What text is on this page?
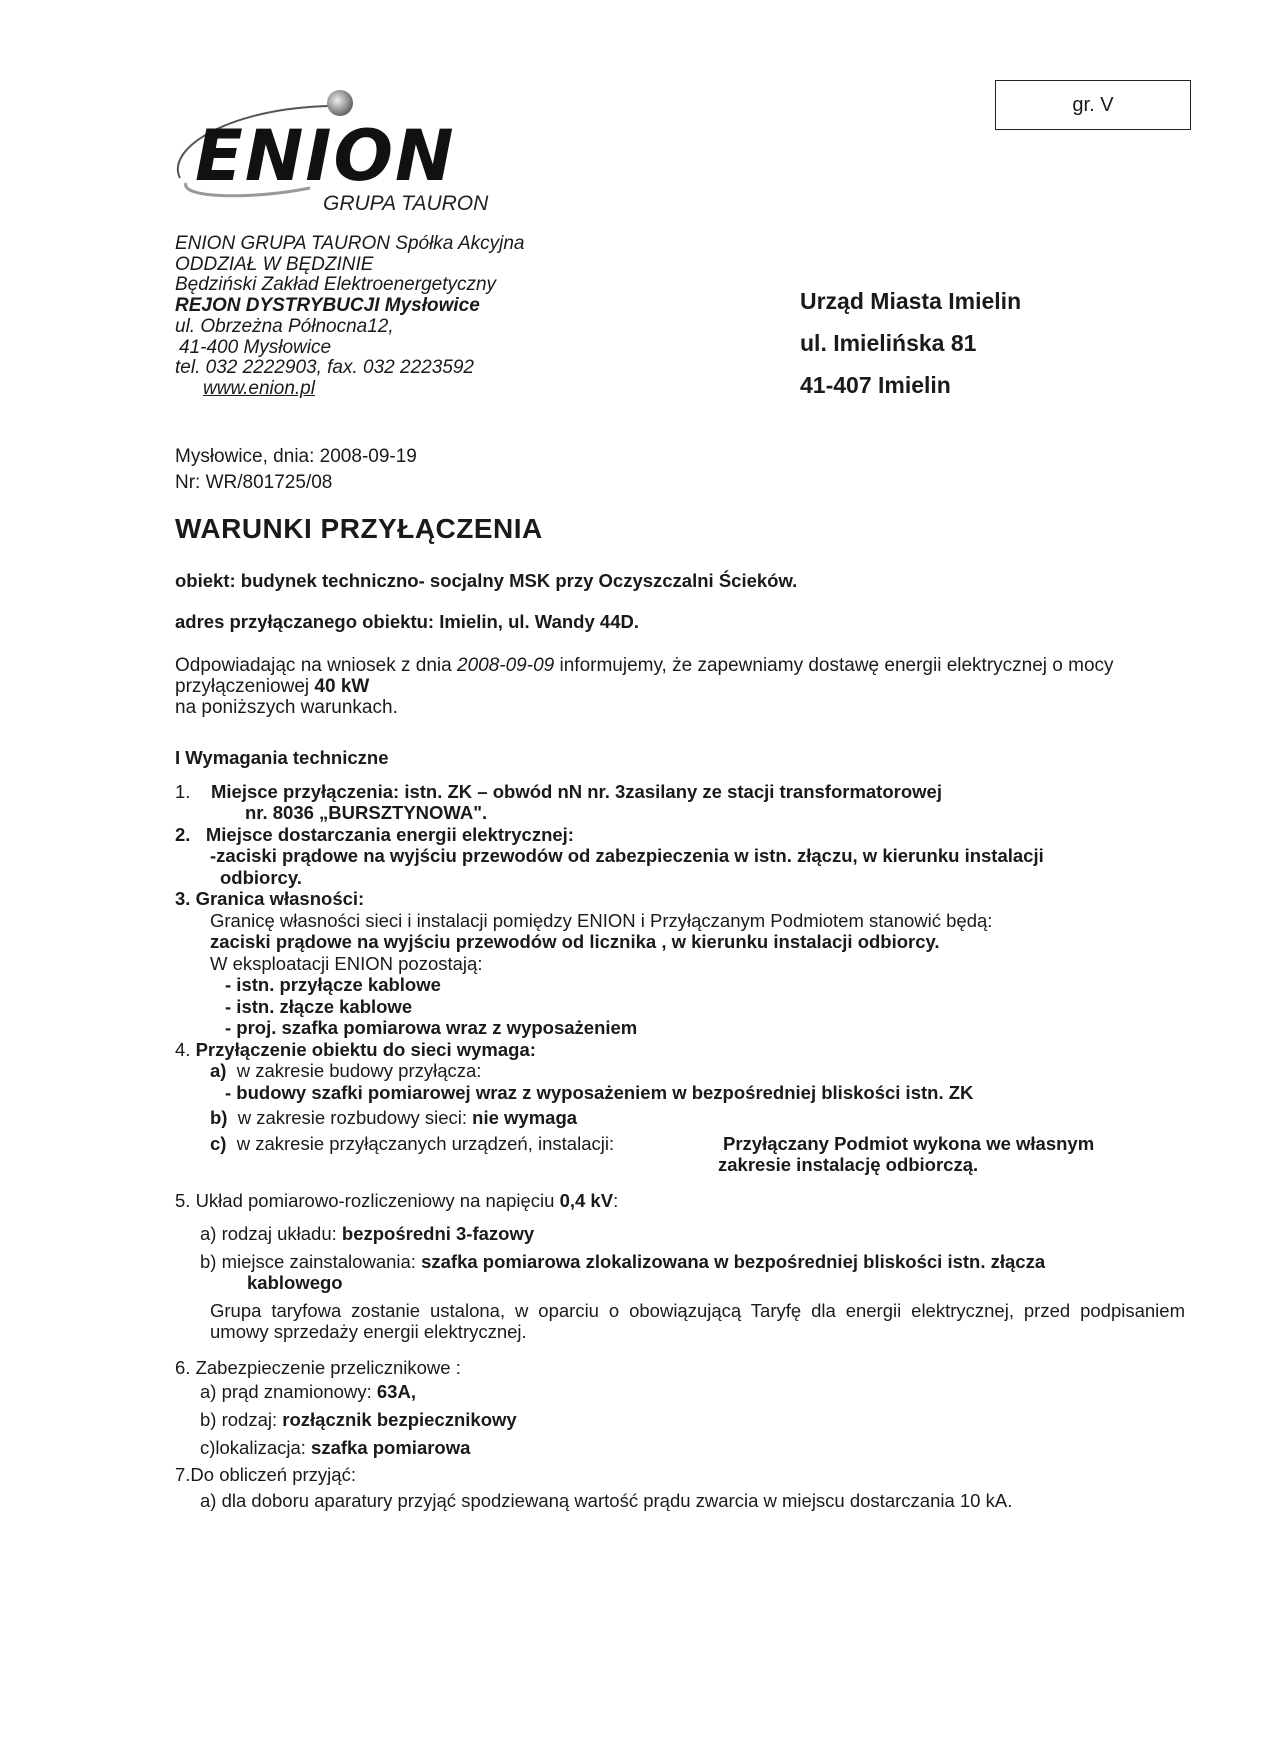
gr. V
ENION
GRUPA TAURON
ENION GRUPA TAURON Spółka Akcyjna
ODDZIAŁ W BĘDZINIE
Będziński Zakład Elektroenergetyczny
REJON DYSTRYBUCJI Mysłowice
ul. Obrzeżna Północna12,
41-400 Mysłowice
tel. 032 2222903, fax. 032 2223592
www.enion.pl
Urząd Miasta Imielin
ul. Imielińska 81
41-407 Imielin
Mysłowice, dnia: 2008-09-19
Nr: WR/801725/08
WARUNKI PRZYŁĄCZENIA
obiekt: budynek techniczno- socjalny MSK przy Oczyszczalni Ścieków.
adres przyłączanego obiektu: Imielin, ul. Wandy 44D.
Odpowiadając na wniosek z dnia 2008-09-09 informujemy, że zapewniamy dostawę energii elektrycznej o mocy przyłączeniowej 40 kW
na poniższych warunkach.
I Wymagania techniczne
1. Miejsce przyłączenia: istn. ZK – obwód nN nr. 3zasilany ze stacji transformatorowej
nr. 8036 „BURSZTYNOWA".
2. Miejsce dostarczania energii elektrycznej:
-zaciski prądowe na wyjściu przewodów od zabezpieczenia w istn. złączu, w kierunku instalacji
odbiorcy.
3. Granica własności:
Granicę własności sieci i instalacji pomiędzy ENION i Przyłączanym Podmiotem stanowić będą:
zaciski prądowe na wyjściu przewodów od licznika , w kierunku instalacji odbiorcy.
W eksploatacji ENION pozostają:
- istn. przyłącze kablowe
- istn. złącze kablowe
- proj. szafka pomiarowa wraz z wyposażeniem
4. Przyłączenie obiektu do sieci wymaga:
a) w zakresie budowy przyłącza:
- budowy szafki pomiarowej wraz z wyposażeniem w bezpośredniej bliskości istn. ZK
b) w zakresie rozbudowy sieci: nie wymaga
c) w zakresie przyłączanych urządzeń, instalacji:	Przyłączany Podmiot wykona we własnym
zakresie instalację odbiorczą.
5. Układ pomiarowo-rozliczeniowy na napięciu 0,4 kV:
a) rodzaj układu: bezpośredni 3-fazowy
b) miejsce zainstalowania: szafka pomiarowa zlokalizowana w bezpośredniej bliskości istn. złącza
kablowego
Grupa taryfowa zostanie ustalona, w oparciu o obowiązującą Taryfę dla energii elektrycznej, przed podpisaniem umowy sprzedaży energii elektrycznej.
6. Zabezpieczenie przelicznikowe :
a) prąd znamionowy: 63A,
b) rodzaj: rozłącznik bezpiecznikowy
c)lokalizacja: szafka pomiarowa
7.Do obliczeń przyjąć:
a) dla doboru aparatury przyjąć spodziewaną wartość prądu zwarcia w miejscu dostarczania 10 kA.
